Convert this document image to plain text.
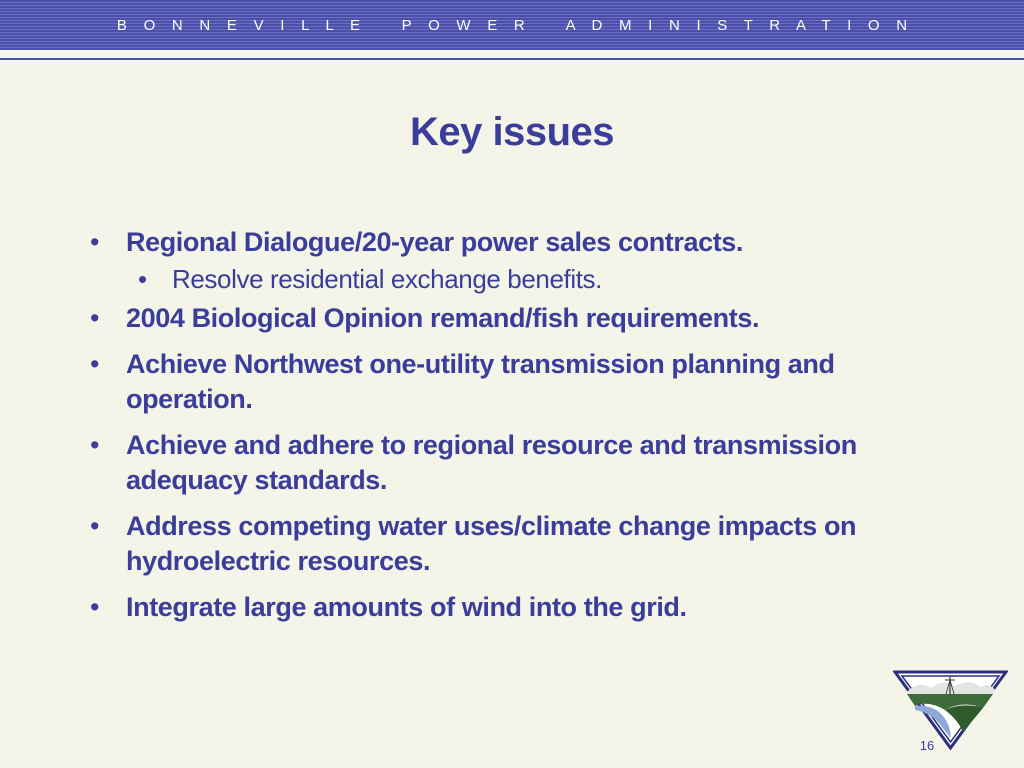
B    O    N    N    E    V    I    L    L    E          P    O    W    E    R          A    D    M    I    N    I    S    T    R    A    T    I    O    N
Key issues
• Regional Dialogue/20-year power sales contracts.
• Resolve residential exchange benefits.
• 2004 Biological Opinion remand/fish requirements.
• Achieve Northwest one-utility transmission planning and operation.
• Achieve and adhere to regional resource and transmission adequacy standards.
• Address competing water uses/climate change impacts on hydroelectric resources.
• Integrate large amounts of wind into the grid.
16
